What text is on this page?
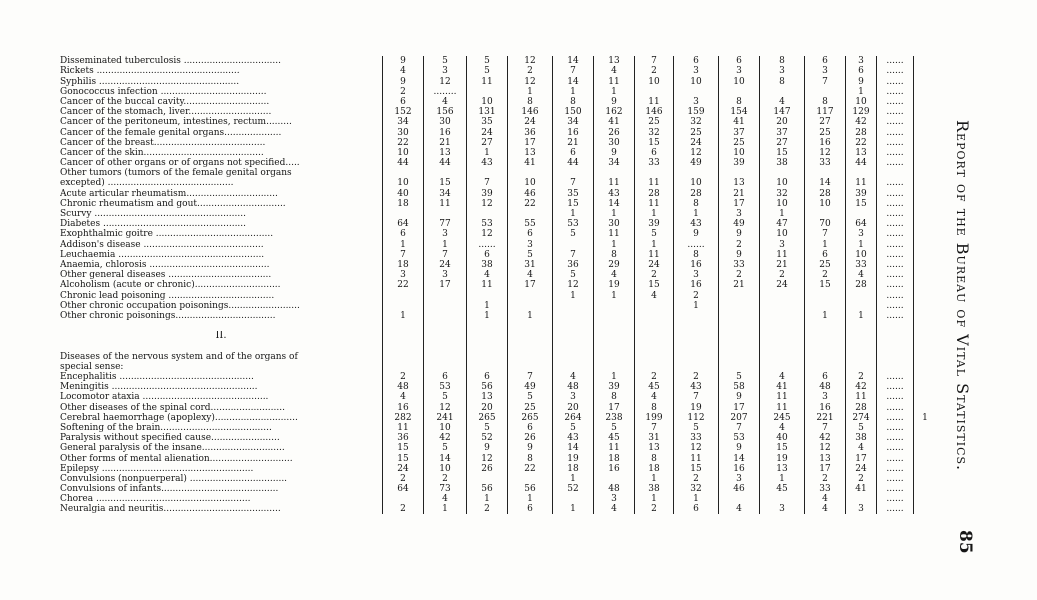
Disseminated tuberculosis ..................................	9	5	5	12	14	13	7	6	6	8	6	3	......	
Rickets ..................................................	4	3	5	2	7	4	2	3	3	3	3	6	......	
Syphilis .................................................	9	12	11	12	14	11	10	10	10	8	7	9	......	
Gonococcus infection .....................................	2	........		1	1	1						1	......	
Cancer of the buccal cavity..............................	6	4	10	8	8	9	11	3	8	4	8	10	......	
Cancer of the stomach, liver.............................	152	156	131	146	150	162	146	159	154	147	117	129	......	
Cancer of the peritoneum, intestines, rectum.........	34	30	35	24	34	41	25	32	41	20	27	42	......	
Cancer of the female genital organs....................	30	16	24	36	16	26	32	25	37	37	25	28	......	
Cancer of the breast.......................................	22	21	27	17	21	30	15	24	25	27	16	22	......	
Cancer of the skin..........................................	10	13	1	13	6	9	6	12	10	15	12	13	......	
Cancer of other organs or of organs not specified.....	44	44	43	41	44	34	33	49	39	38	33	44	......	
Other tumors (tumors of the female genital organs														
excepted) ............................................	10	15	7	10	7	11	11	10	13	10	14	11	......	
Acute articular rheumatism................................	40	34	39	46	35	43	28	28	21	32	28	39	......	
Chronic rheumatism and gout...............................	18	11	12	22	15	14	11	8	17	10	10	15	......	
Scurvy .....................................................					1	1	1	1	3	1			......	
Diabetes ..................................................	64	77	53	55	53	30	39	43	49	47	70	64	......	
Exophthalmic goitre .........................................	6	3	12	6	5	11	5	9	9	10	7	3	......	
Addison's disease ..........................................	1	1	......	3		1	1	......	2	3	1	1	......	
Leuchaemia ...................................................	7	7	6	5	7	8	11	8	9	11	6	10	......	
Anaemia, chlorosis ..........................................	18	24	38	31	36	29	24	16	33	21	25	33	......	
Other general diseases ....................................	3	3	4	4	5	4	2	3	2	2	2	4	......	
Alcoholism (acute or chronic)..............................	22	17	11	17	12	19	15	16	21	24	15	28	......	
Chronic lead poisoning .....................................					1	1	4	2					......	
Other chronic occupation poisonings.........................			1					1					......	
Other chronic poisonings...................................	1		1	1							1	1	......	

II.														

Diseases of the nervous system and of the organs of														
special sense:														
Encephalitis ...............................................	2	6	6	7	4	1	2	2	5	4	6	2	......	
Meningitis ...................................................	48	53	56	49	48	39	45	43	58	41	48	42	......	
Locomotor ataxia ............................................	4	5	13	5	3	8	4	7	9	11	3	11	......	
Other diseases of the spinal cord..........................	16	12	20	25	20	17	8	19	17	11	16	28	......	
Cerebral haemorrhage (apoplexy).............................	282	241	265	265	264	238	199	112	207	245	221	274	......	1
Softening of the brain.......................................	11	10	5	6	5	5	7	5	7	4	7	5	......	
Paralysis without specified cause........................	36	42	52	26	43	45	31	33	53	40	42	38	......	
General paralysis of the insane.............................	15	5	9	9	14	11	13	12	9	15	12	4	......	
Other forms of mental alienation.............................	15	14	12	8	19	18	8	11	14	19	13	17	......	
Epilepsy .....................................................	24	10	26	22	18	16	18	15	16	13	17	24	......	
Convulsions (nonpuerperal) ..................................	2	2			1		1	2	3	1	2	2	......	
Convulsions of infants.........................................	64	73	56	56	52	48	38	32	46	45	33	41	......	
Chorea ......................................................		4	1	1		3	1	1			4		......	
Neuralgia and neuritis.........................................	2	1	2	6	1	4	2	6	4	3	4	3	......	
Report of the Bureau of Vital Statistics.
85
